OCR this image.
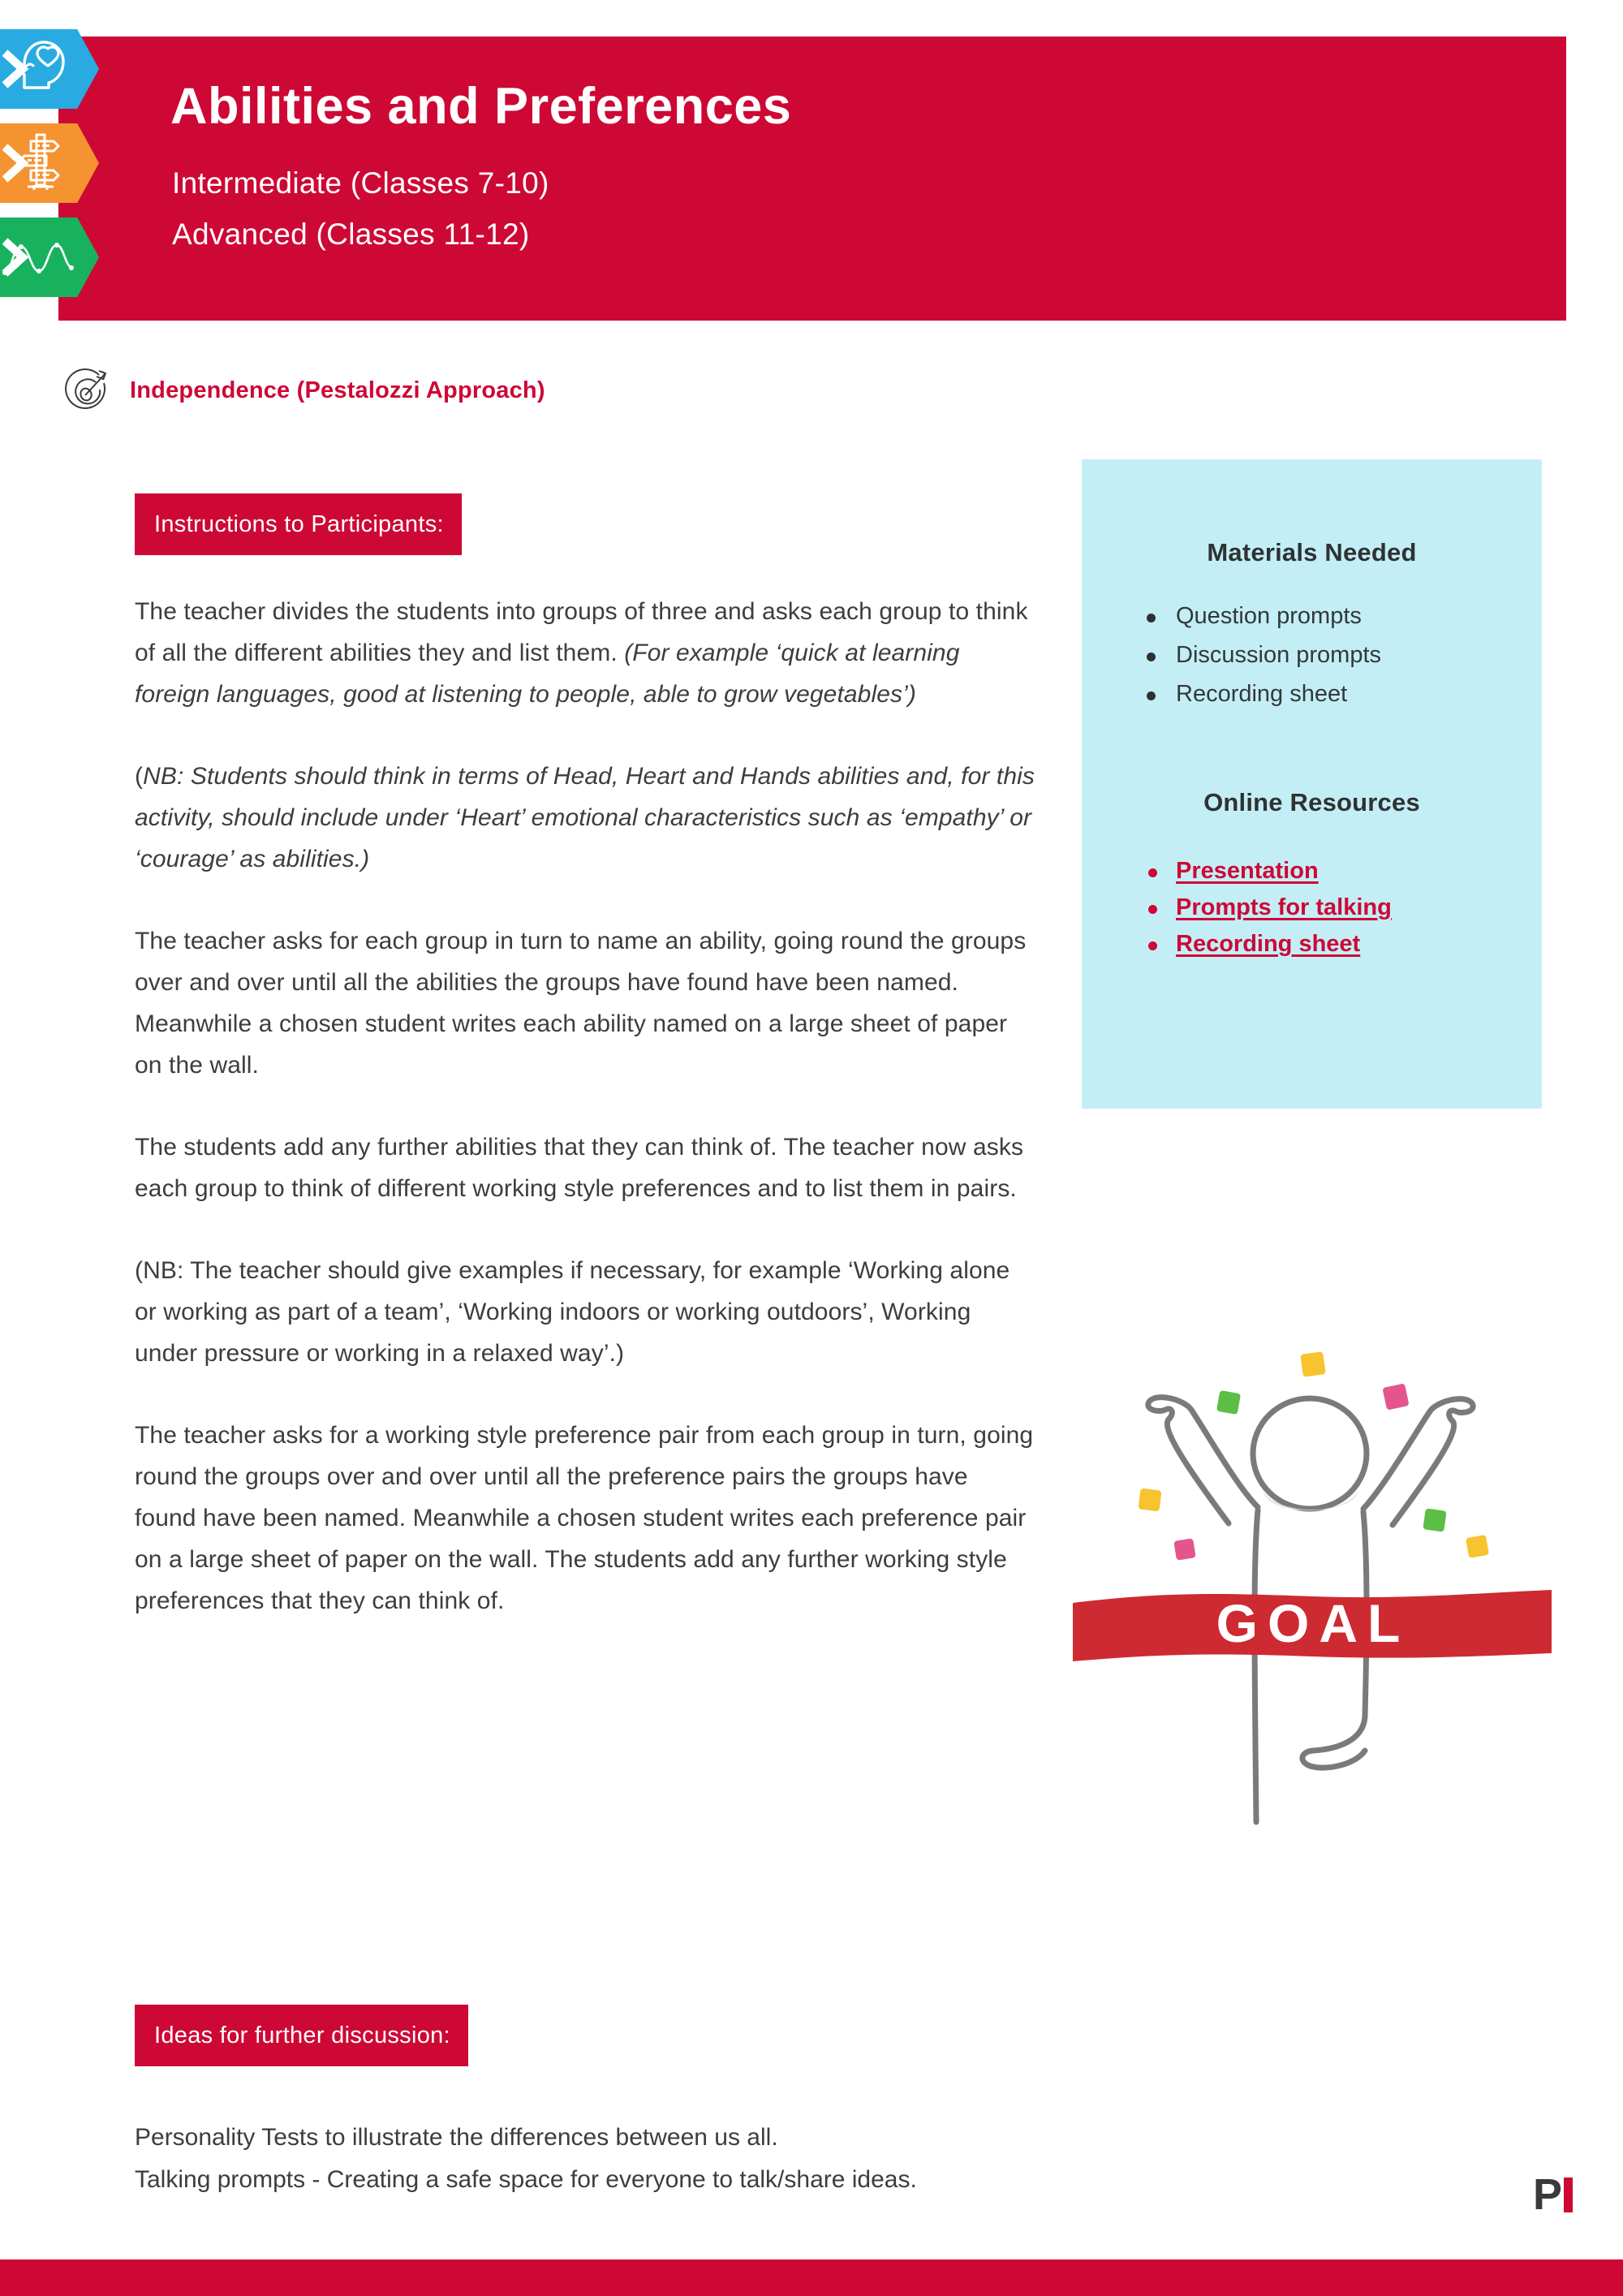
Abilities and Preferences
Intermediate (Classes 7-10)
Advanced (Classes 11-12)
Independence (Pestalozzi Approach)
Instructions to Participants:
Ideas for further discussion:

The teacher divides the students into groups of three and asks each group to think of all the different abilities they and list them. (For example ‘quick at learning foreign languages, good at listening to people, able to grow vegetables’)

(NB: Students should think in terms of Head, Heart and Hands abilities and, for this activity, should include under ‘Heart’ emotional characteristics such as ‘empathy’ or ‘courage’ as abilities.)

The teacher asks for each group in turn to name an ability, going round the groups over and over until all the abilities the groups have found have been named. Meanwhile a chosen student writes each ability named on a large sheet of paper on the wall.

The students add any further abilities that they can think of. The teacher now asks each group to think of different working style preferences and to list them in pairs.

(NB: The teacher should give examples if necessary, for example ‘Working alone or working as part of a team’, ‘Working indoors or working outdoors’, Working under pressure or working in a relaxed way’.)

The teacher asks for a working style preference pair from each group in turn, going round the groups over and over until all the preference pairs the groups have found have been named. Meanwhile a chosen student writes each preference pair on a large sheet of paper on the wall. The students add any further working style preferences that they can think of.

Personality Tests to illustrate the differences between us all.
Talking prompts - Creating a safe space for everyone to talk/share ideas.
Materials Needed
Question prompts
Discussion prompts
Recording sheet
Online Resources
Presentation
Prompts for talking
Recording sheet
GOAL
P
